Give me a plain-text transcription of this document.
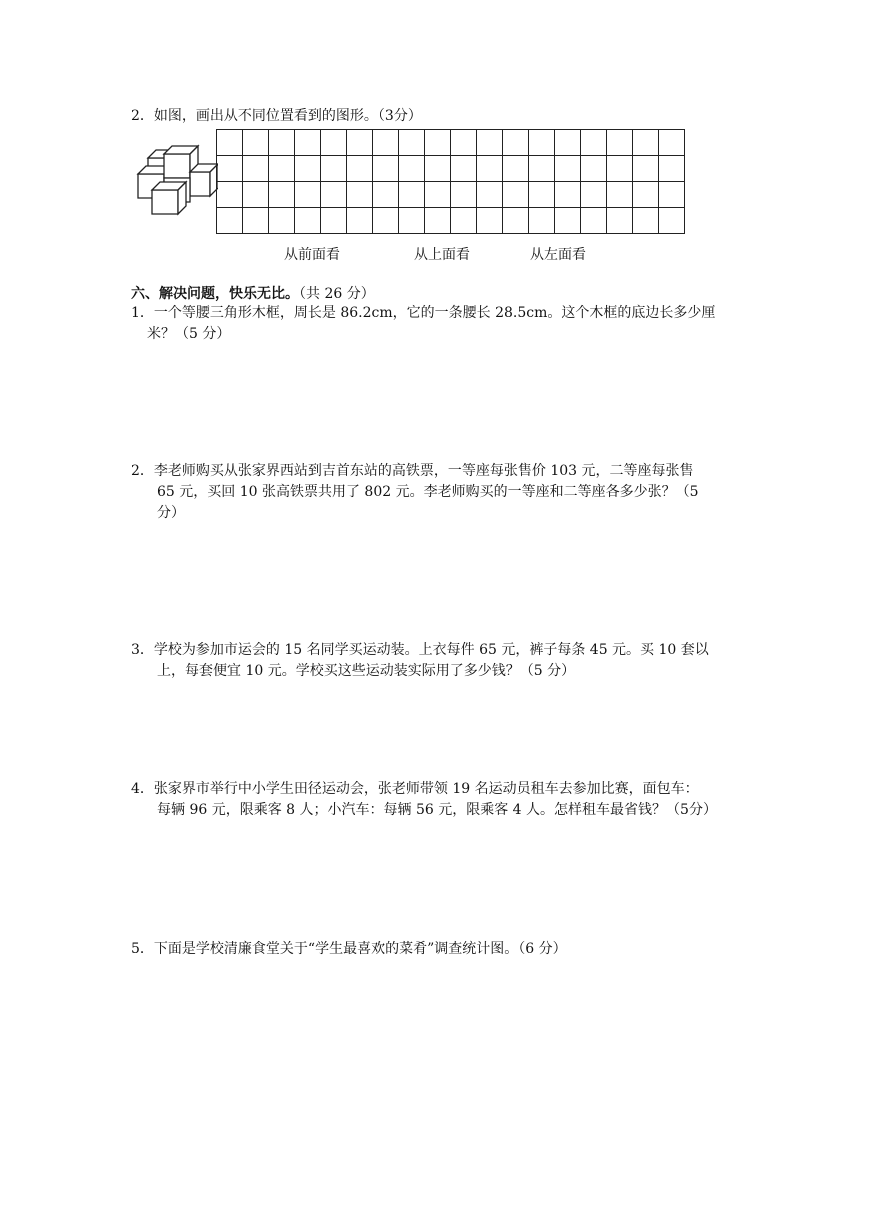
2．如图，画出从不同位置看到的图形。（3分）

从前面看	从上面看	从左面看
六、解决问题，快乐无比。（共 26 分）
1．一个等腰三角形木框，周长是 86.2cm，它的一条腰长 28.5cm。这个木框的底边长多少厘
米？（5 分）
2．李老师购买从张家界西站到吉首东站的高铁票，一等座每张售价 103 元，二等座每张售
65 元，买回 10 张高铁票共用了 802 元。李老师购买的一等座和二等座各多少张？（5
分）
3．学校为参加市运会的 15 名同学买运动装。上衣每件 65 元，裤子每条 45 元。买 10 套以
上，每套便宜 10 元。学校买这些运动装实际用了多少钱？（5 分）
4．张家界市举行中小学生田径运动会，张老师带领 19 名运动员租车去参加比赛，面包车：
每辆 96 元，限乘客 8 人；小汽车：每辆 56 元，限乘客 4 人。怎样租车最省钱？（5分）
5．下面是学校清廉食堂关于“学生最喜欢的菜肴”调查统计图。（6 分）
